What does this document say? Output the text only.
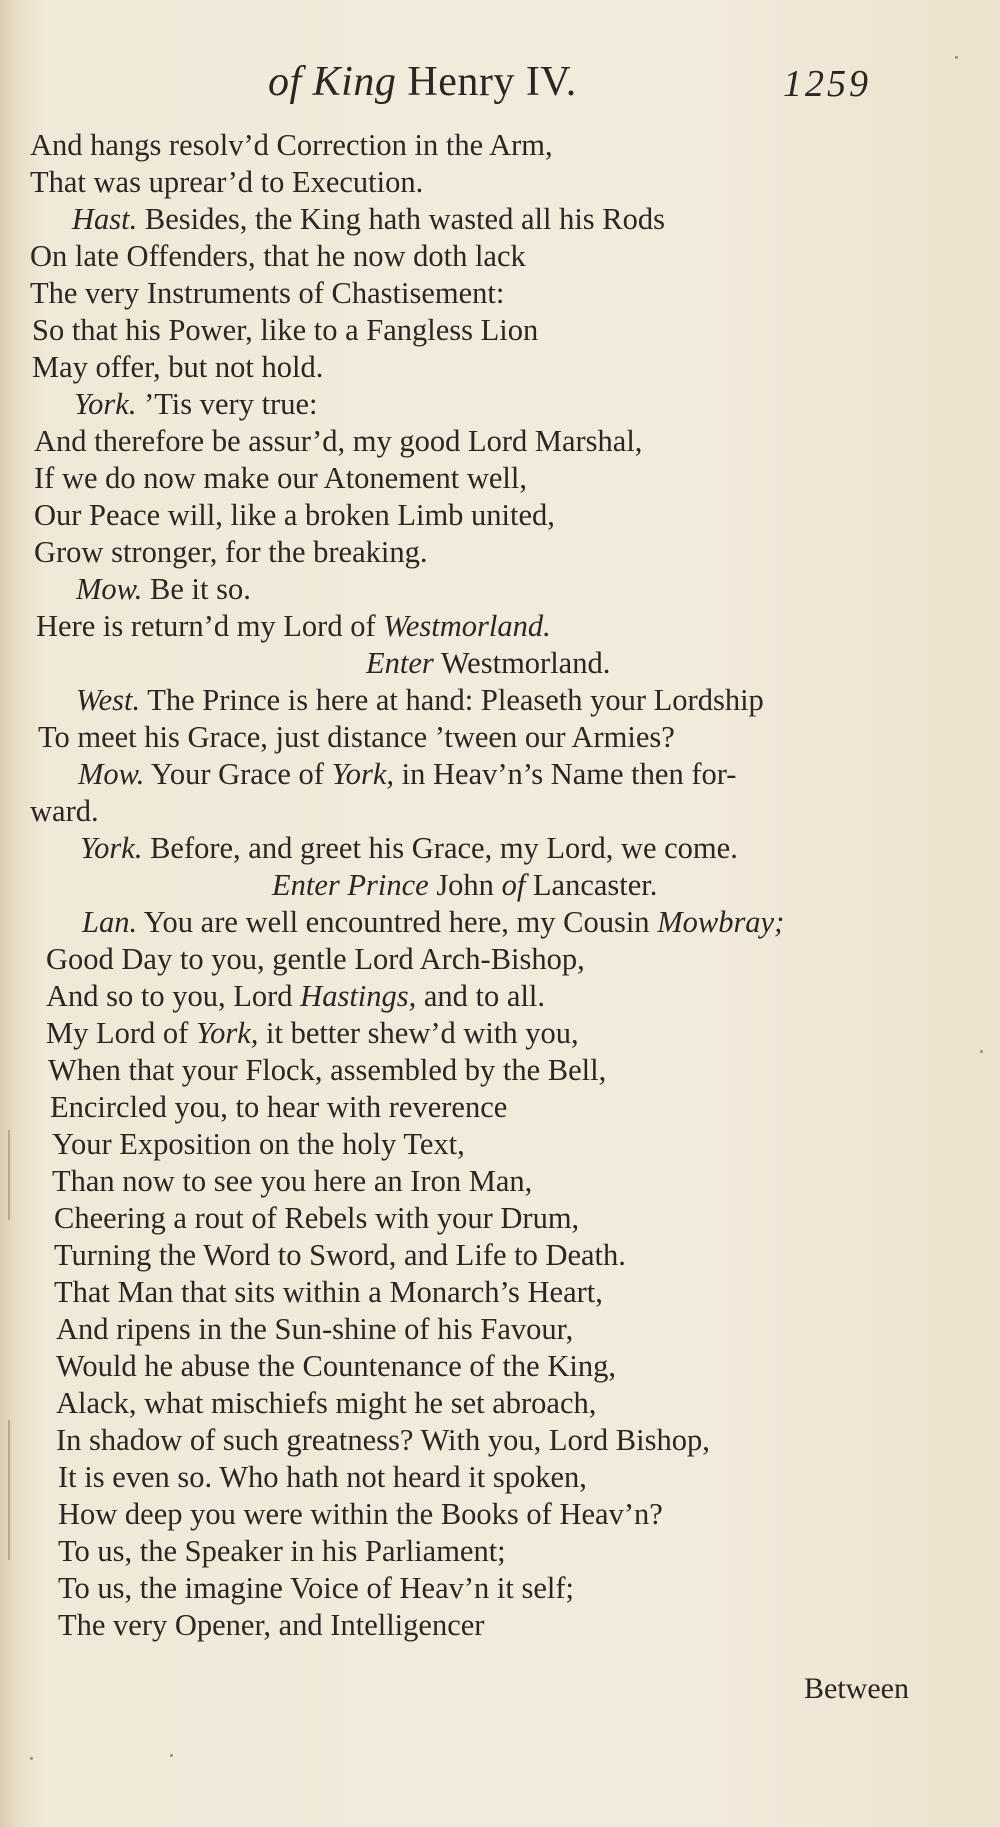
of King Henry IV.	1259
And hangs resolv’d Correction in the Arm,
That was uprear’d to Execution.
Hast. Besides, the King hath wasted all his Rods
On late Offenders, that he now doth lack
The very Instruments of Chastisement:
So that his Power, like to a Fangless Lion
May offer, but not hold.
York. ’Tis very true:
And therefore be assur’d, my good Lord Marshal,
If we do now make our Atonement well,
Our Peace will, like a broken Limb united,
Grow stronger, for the breaking.
Mow. Be it so.
Here is return’d my Lord of Westmorland.
Enter Westmorland.
West. The Prince is here at hand: Pleaseth your Lordship
To meet his Grace, just distance ’tween our Armies?
Mow. Your Grace of York, in Heav’n’s Name then for-
ward.
York. Before, and greet his Grace, my Lord, we come.
Enter Prince John of Lancaster.
Lan. You are well encountred here, my Cousin Mowbray;
Good Day to you, gentle Lord Arch-Bishop,
And so to you, Lord Hastings, and to all.
My Lord of York, it better shew’d with you,
When that your Flock, assembled by the Bell,
Encircled you, to hear with reverence
Your Exposition on the holy Text,
Than now to see you here an Iron Man,
Cheering a rout of Rebels with your Drum,
Turning the Word to Sword, and Life to Death.
That Man that sits within a Monarch’s Heart,
And ripens in the Sun-shine of his Favour,
Would he abuse the Countenance of the King,
Alack, what mischiefs might he set abroach,
In shadow of such greatness? With you, Lord Bishop,
It is even so. Who hath not heard it spoken,
How deep you were within the Books of Heav’n?
To us, the Speaker in his Parliament;
To us, the imagine Voice of Heav’n it self;
The very Opener, and Intelligencer
Between
